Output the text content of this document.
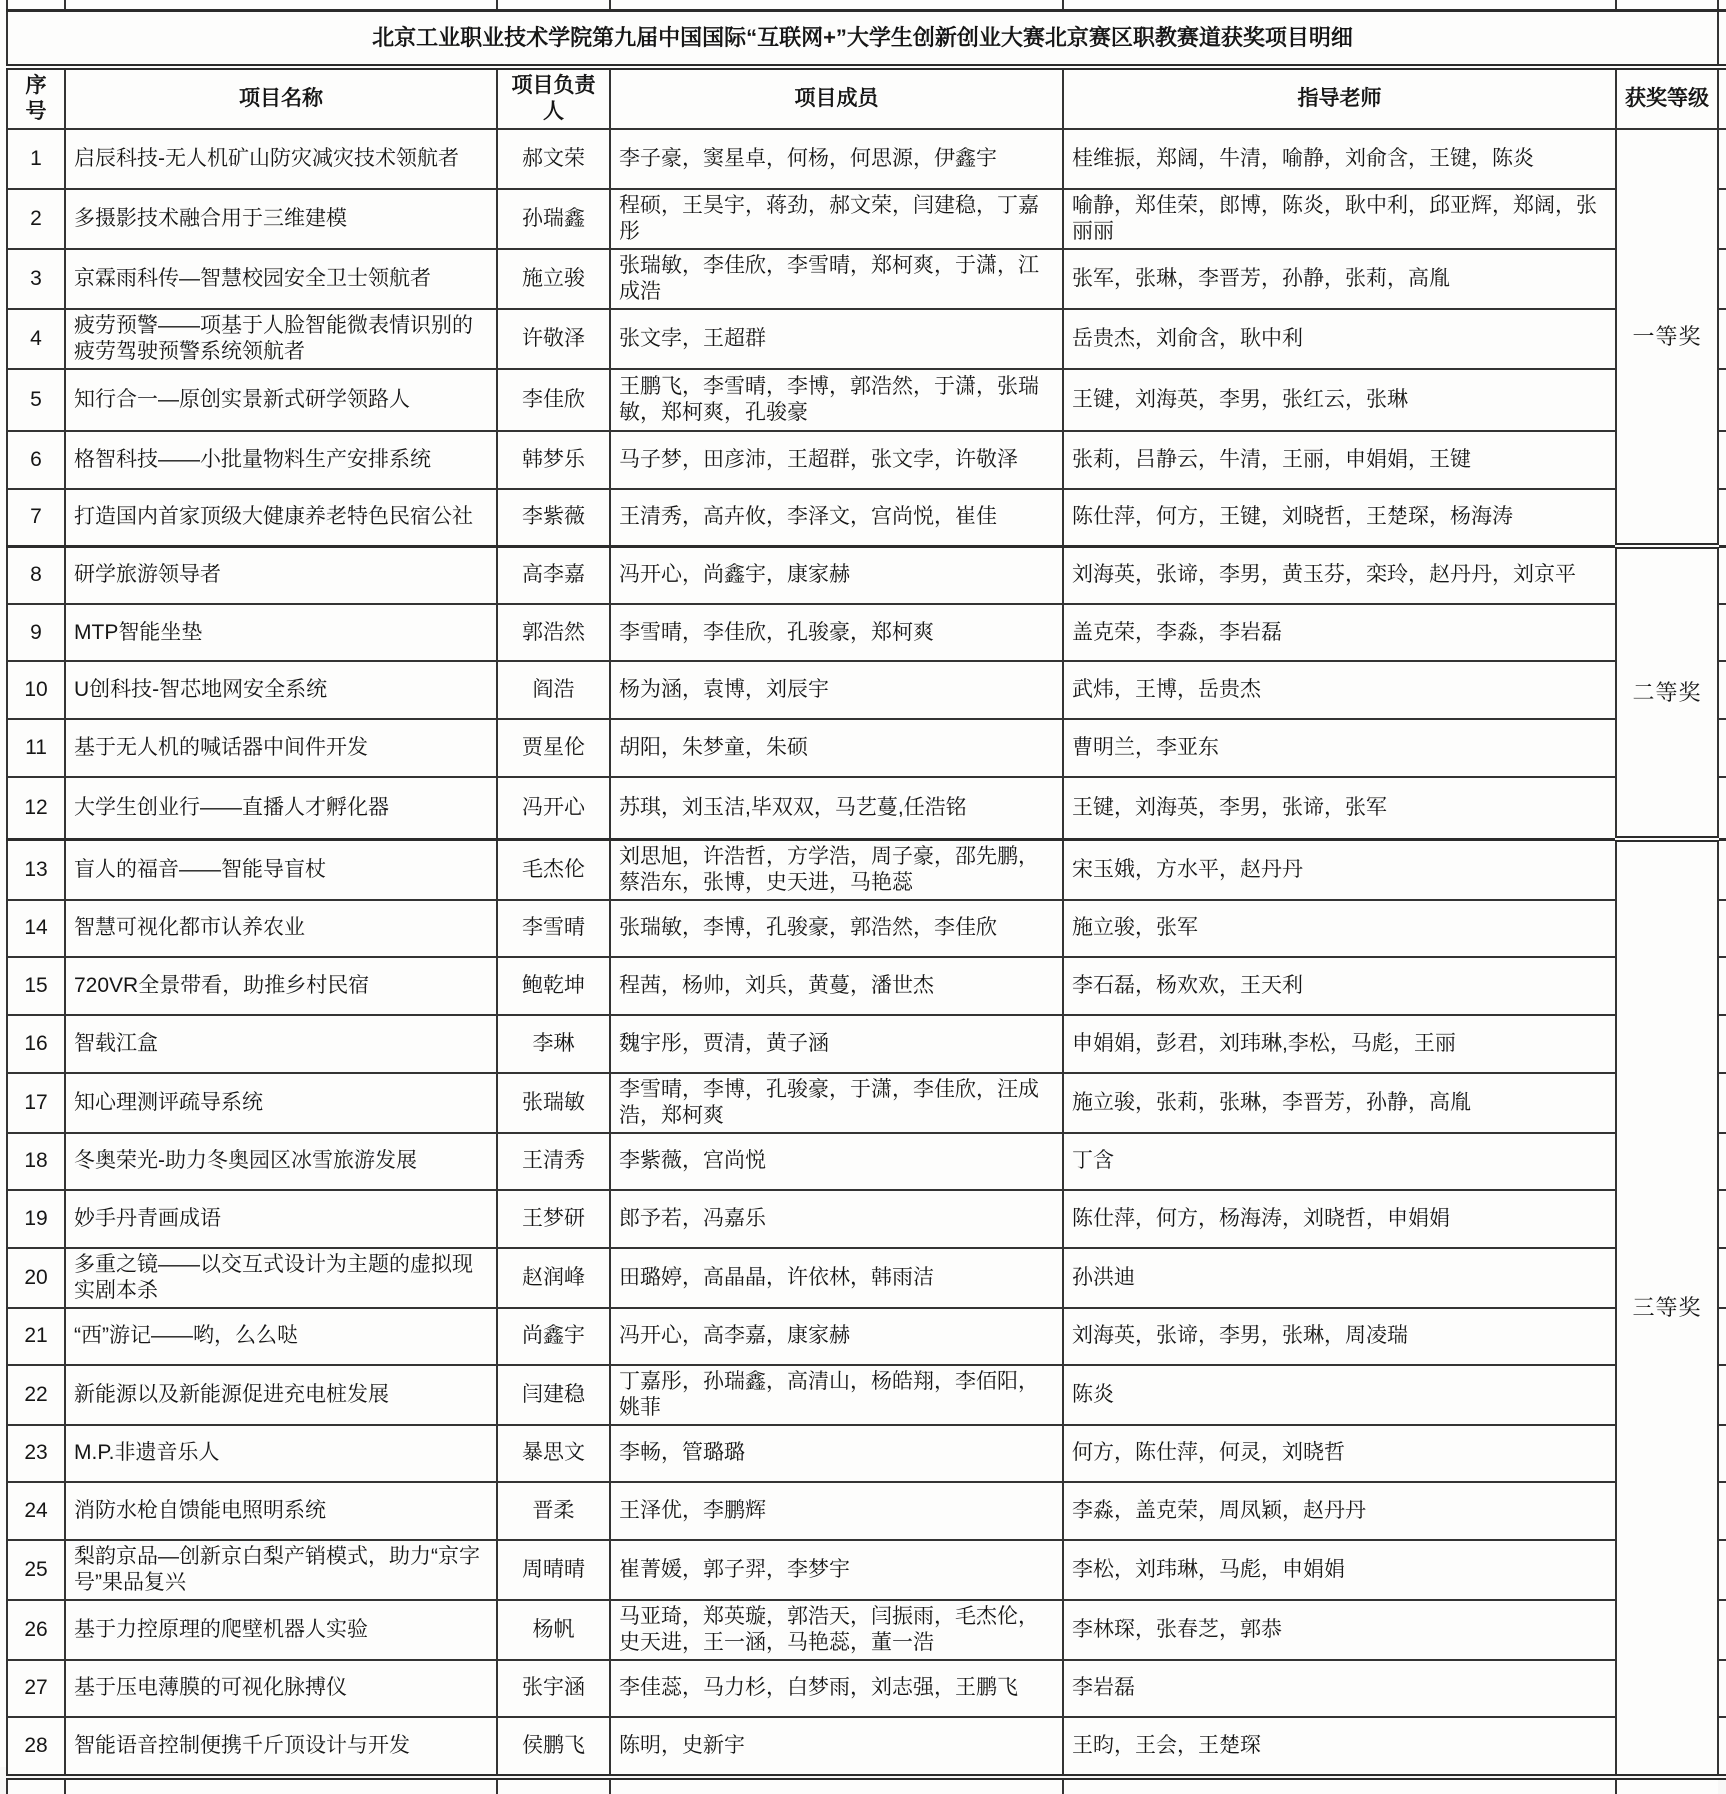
北京工业职业技术学院第九届中国国际“互联网+”大学生创新创业大赛北京赛区职教赛道获奖项目明细						
序号	项目名称	项目负责人	项目成员	指导老师	获奖等级	
1	启辰科技-无人机矿山防灾减灾技术领航者	郝文荣	李子豪，窦星卓，何杨，何思源，伊鑫宇	桂维振，郑阔，牛清，喻静，刘俞含，王键，陈炎	一等奖	
2	多摄影技术融合用于三维建模	孙瑞鑫	程硕，王昊宇，蒋劲，郝文荣，闫建稳，丁嘉彤	喻静，郑佳荣，郎博，陈炎，耿中利，邱亚辉，郑阔，张丽丽		
3	京霖雨科传—智慧校园安全卫士领航者	施立骏	张瑞敏，李佳欣，李雪晴，郑柯爽，于潇，江成浩	张军，张琳，李晋芳，孙静，张莉，高胤		
4	疲劳预警——项基于人脸智能微表情识别的疲劳驾驶预警系统领航者	许敬泽	张文孛，王超群	岳贵杰，刘俞含，耿中利		
5	知行合一—原创实景新式研学领路人	李佳欣	王鹏飞，李雪晴，李博，郭浩然，于潇，张瑞敏，郑柯爽，孔骏豪	王键，刘海英，李男，张红云，张琳		
6	格智科技——小批量物料生产安排系统	韩梦乐	马子梦，田彦沛，王超群，张文孛，许敬泽	张莉，吕静云，牛清，王丽，申娟娟，王键		
7	打造国内首家顶级大健康养老特色民宿公社	李紫薇	王清秀，高卉攸，李泽文，宫尚悦，崔佳	陈仕萍，何方，王键，刘晓哲，王楚琛，杨海涛		
8	研学旅游领导者	高李嘉	冯开心，尚鑫宇，康家赫	刘海英，张谛，李男，黄玉芬，栾玲，赵丹丹，刘京平	二等奖	
9	MTP智能坐垫	郭浩然	李雪晴，李佳欣，孔骏豪，郑柯爽	盖克荣，李淼，李岩磊		
10	U创科技-智芯地网安全系统	阎浩	杨为涵，袁博，刘辰宇	武炜，王博，岳贵杰		
11	基于无人机的喊话器中间件开发	贾星伦	胡阳，朱梦童，朱硕	曹明兰，李亚东		
12	大学生创业行——直播人才孵化器	冯开心	苏琪，刘玉洁,毕双双，马艺蔓,任浩铭	王键，刘海英，李男，张谛，张军		
13	盲人的福音——智能导盲杖	毛杰伦	刘思旭，许浩哲，方学浩，周子豪，邵先鹏，蔡浩东，张博，史天进，马艳蕊	宋玉娥，方水平，赵丹丹	三等奖	
14	智慧可视化都市认养农业	李雪晴	张瑞敏，李博，孔骏豪，郭浩然，李佳欣	施立骏，张军		
15	720VR全景带看，助推乡村民宿	鲍乾坤	程茜，杨帅，刘兵，黄蔓，潘世杰	李石磊，杨欢欢，王天利		
16	智载江盒	李琳	魏宇彤，贾清，黄子涵	申娟娟，彭君，刘玮琳,李松，马彪，王丽		
17	知心理测评疏导系统	张瑞敏	李雪晴，李博，孔骏豪，于潇，李佳欣，汪成浩，郑柯爽	施立骏，张莉，张琳，李晋芳，孙静，高胤		
18	冬奥荣光-助力冬奥园区冰雪旅游发展	王清秀	李紫薇，宫尚悦	丁含		
19	妙手丹青画成语	王梦研	郎予若，冯嘉乐	陈仕萍，何方，杨海涛，刘晓哲，申娟娟		
20	多重之镜——以交互式设计为主题的虚拟现实剧本杀	赵润峰	田璐婷，高晶晶，许依林，韩雨洁	孙洪迪		
21	“西”游记——哟，么么哒	尚鑫宇	冯开心，高李嘉，康家赫	刘海英，张谛，李男，张琳，周凌瑞		
22	新能源以及新能源促进充电桩发展	闫建稳	丁嘉彤，孙瑞鑫，高清山，杨皓翔，李佰阳，姚菲	陈炎		
23	M.P.非遗音乐人	暴思文	李畅，管璐璐	何方，陈仕萍，何灵，刘晓哲		
24	消防水枪自馈能电照明系统	晋柔	王泽优，李鹏辉	李淼，盖克荣，周凤颖，赵丹丹		
25	梨韵京品—创新京白梨产销模式，助力“京字号”果品复兴	周晴晴	崔菁媛，郭子羿，李梦宇	李松，刘玮琳，马彪，申娟娟		
26	基于力控原理的爬壁机器人实验	杨帆	马亚琦，郑英璇，郭浩天，闫振雨，毛杰伦，史天进，王一涵，马艳蕊，董一浩	李林琛，张春芝，郭恭		
27	基于压电薄膜的可视化脉搏仪	张宇涵	李佳蕊，马力杉，白梦雨，刘志强，王鹏飞	李岩磊		
28	智能语音控制便携千斤顶设计与开发	侯鹏飞	陈明，史新宇	王昀，王会，王楚琛		
